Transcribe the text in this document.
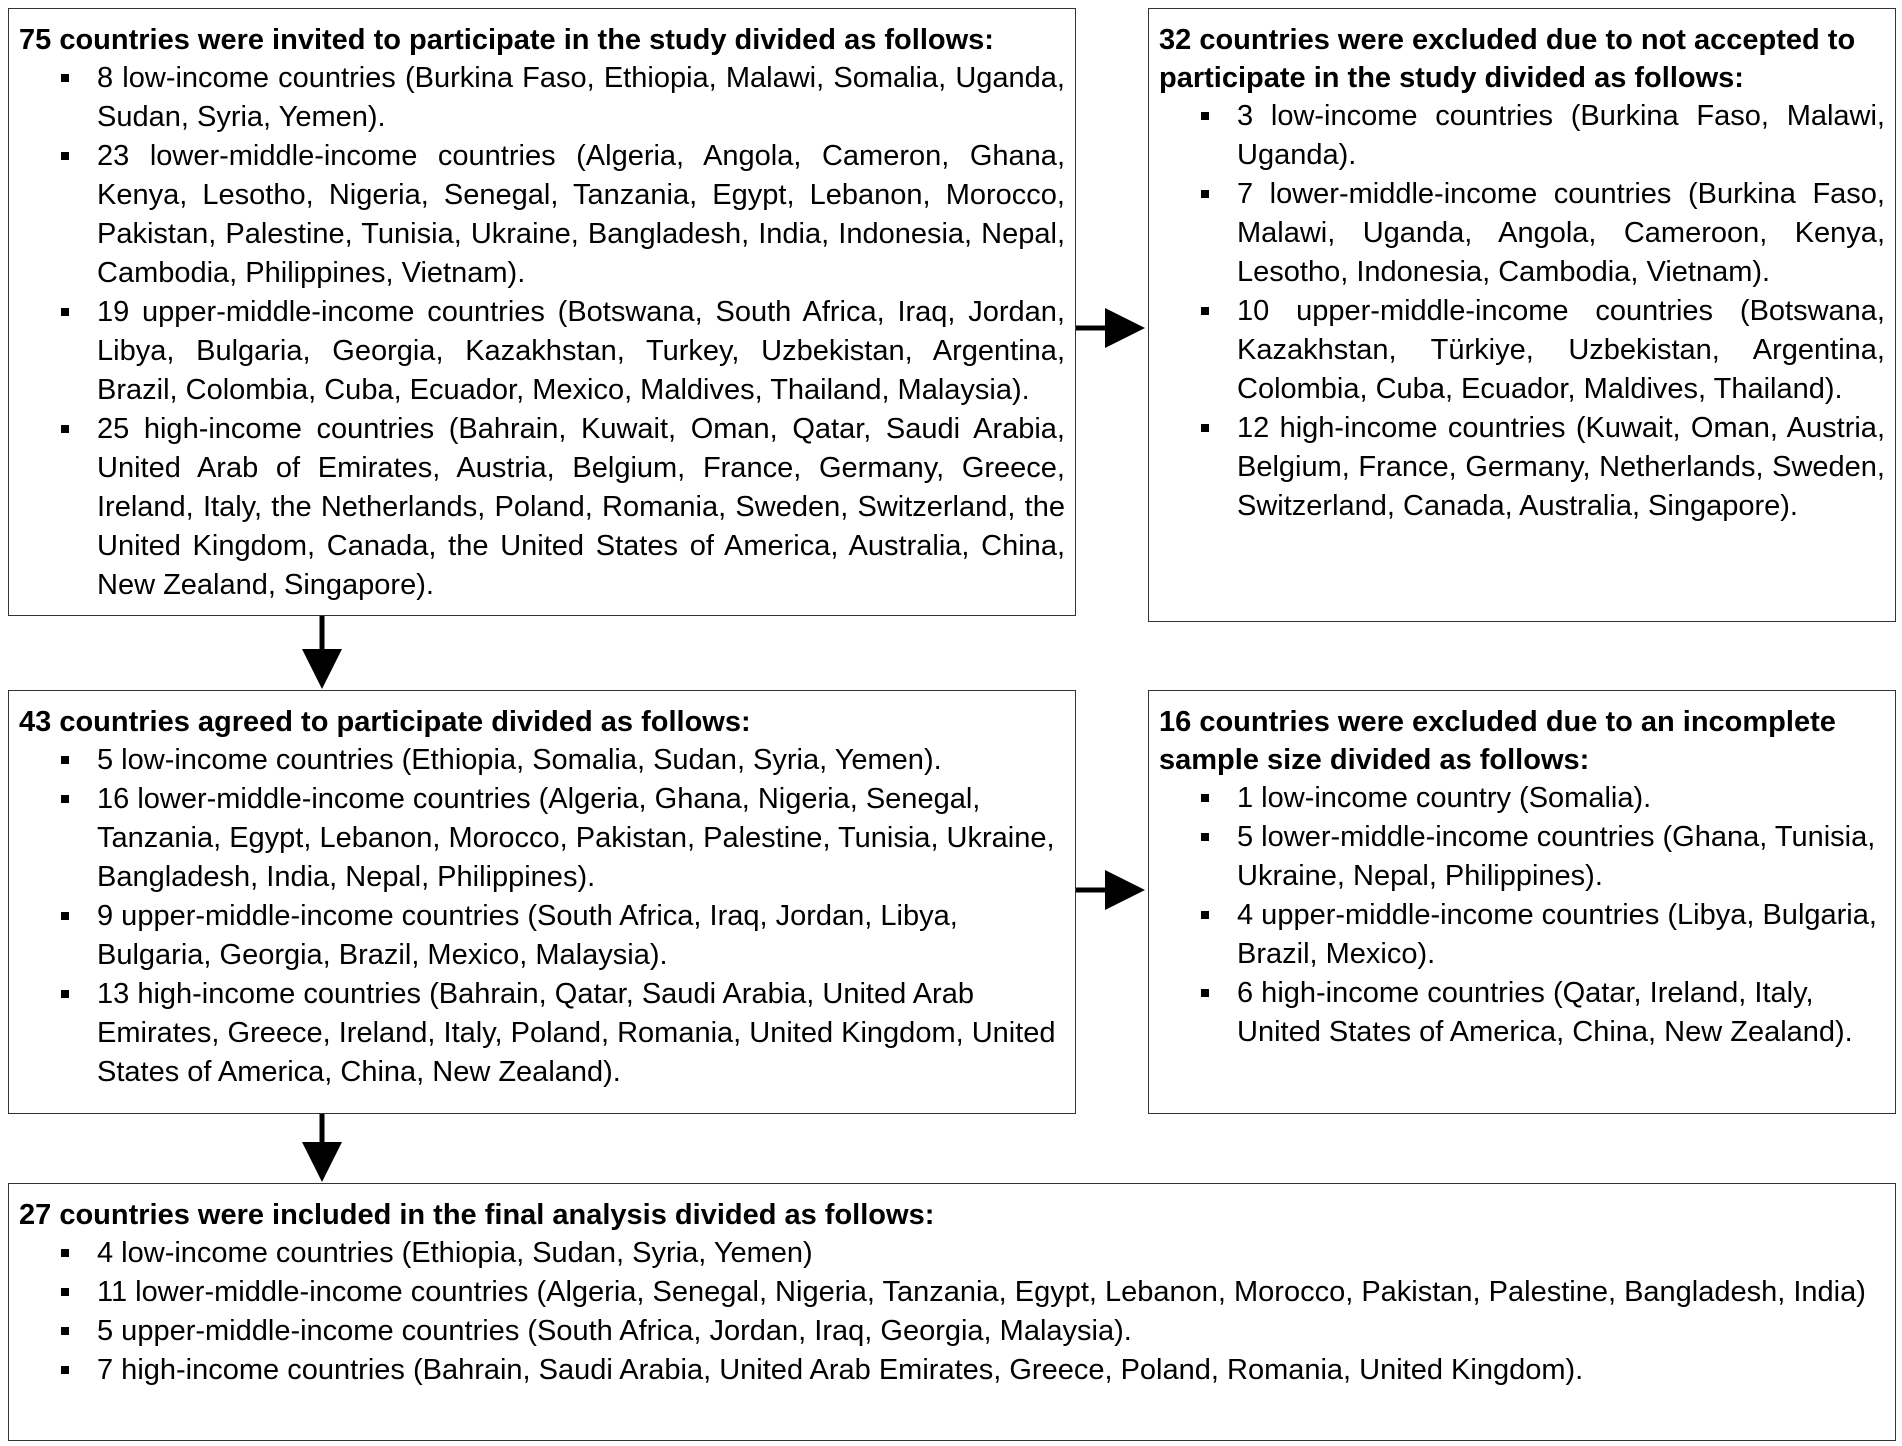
75 countries were invited to participate in the study divided as follows:
8 low-income countries (Burkina Faso, Ethiopia, Malawi, Somalia, Uganda, Sudan, Syria, Yemen).
23 lower-middle-income countries (Algeria, Angola, Cameron, Ghana, Kenya, Lesotho, Nigeria, Senegal, Tanzania, Egypt, Lebanon, Morocco, Pakistan, Palestine, Tunisia, Ukraine, Bangladesh, India, Indonesia, Nepal, Cambodia, Philippines, Vietnam).
19 upper-middle-income countries (Botswana, South Africa, Iraq, Jordan, Libya, Bulgaria, Georgia, Kazakhstan, Turkey, Uzbekistan, Argentina, Brazil, Colombia, Cuba, Ecuador, Mexico, Maldives, Thailand, Malaysia).
25 high-income countries (Bahrain, Kuwait, Oman, Qatar, Saudi Arabia, United Arab of Emirates, Austria, Belgium, France, Germany, Greece, Ireland, Italy, the Netherlands, Poland, Romania, Sweden, Switzerland, the United Kingdom, Canada, the United States of America, Australia, China, New Zealand, Singapore).
32 countries were excluded due to not accepted to participate in the study divided as follows:
3 low-income countries (Burkina Faso, Malawi, Uganda).
7 lower-middle-income countries (Burkina Faso, Malawi, Uganda, Angola, Cameroon, Kenya, Lesotho, Indonesia, Cambodia, Vietnam).
10 upper-middle-income countries (Botswana, Kazakhstan, Türkiye, Uzbekistan, Argentina, Colombia, Cuba, Ecuador, Maldives, Thailand).
12 high-income countries (Kuwait, Oman, Austria, Belgium, France, Germany, Netherlands, Sweden, Switzerland, Canada, Australia, Singapore).
43 countries agreed to participate divided as follows:
5 low-income countries (Ethiopia, Somalia, Sudan, Syria, Yemen).
16 lower-middle-income countries (Algeria, Ghana, Nigeria, Senegal, Tanzania, Egypt, Lebanon, Morocco, Pakistan, Palestine, Tunisia, Ukraine, Bangladesh, India, Nepal, Philippines).
9 upper-middle-income countries (South Africa, Iraq, Jordan, Libya, Bulgaria, Georgia, Brazil, Mexico, Malaysia).
13 high-income countries (Bahrain, Qatar, Saudi Arabia, United Arab Emirates, Greece, Ireland, Italy, Poland, Romania, United Kingdom, United States of America, China, New Zealand).
16 countries were excluded due to an incomplete sample size divided as follows:
1 low-income country (Somalia).
5 lower-middle-income countries (Ghana, Tunisia, Ukraine, Nepal, Philippines).
4 upper-middle-income countries (Libya, Bulgaria, Brazil, Mexico).
6 high-income countries (Qatar, Ireland, Italy, United States of America, China, New Zealand).
27 countries were included in the final analysis divided as follows:
4 low-income countries (Ethiopia, Sudan, Syria, Yemen)
11 lower-middle-income countries (Algeria, Senegal, Nigeria, Tanzania, Egypt, Lebanon, Morocco, Pakistan, Palestine, Bangladesh, India)
5 upper-middle-income countries (South Africa, Jordan, Iraq, Georgia, Malaysia).
7 high-income countries (Bahrain, Saudi Arabia, United Arab Emirates, Greece, Poland, Romania, United Kingdom).
